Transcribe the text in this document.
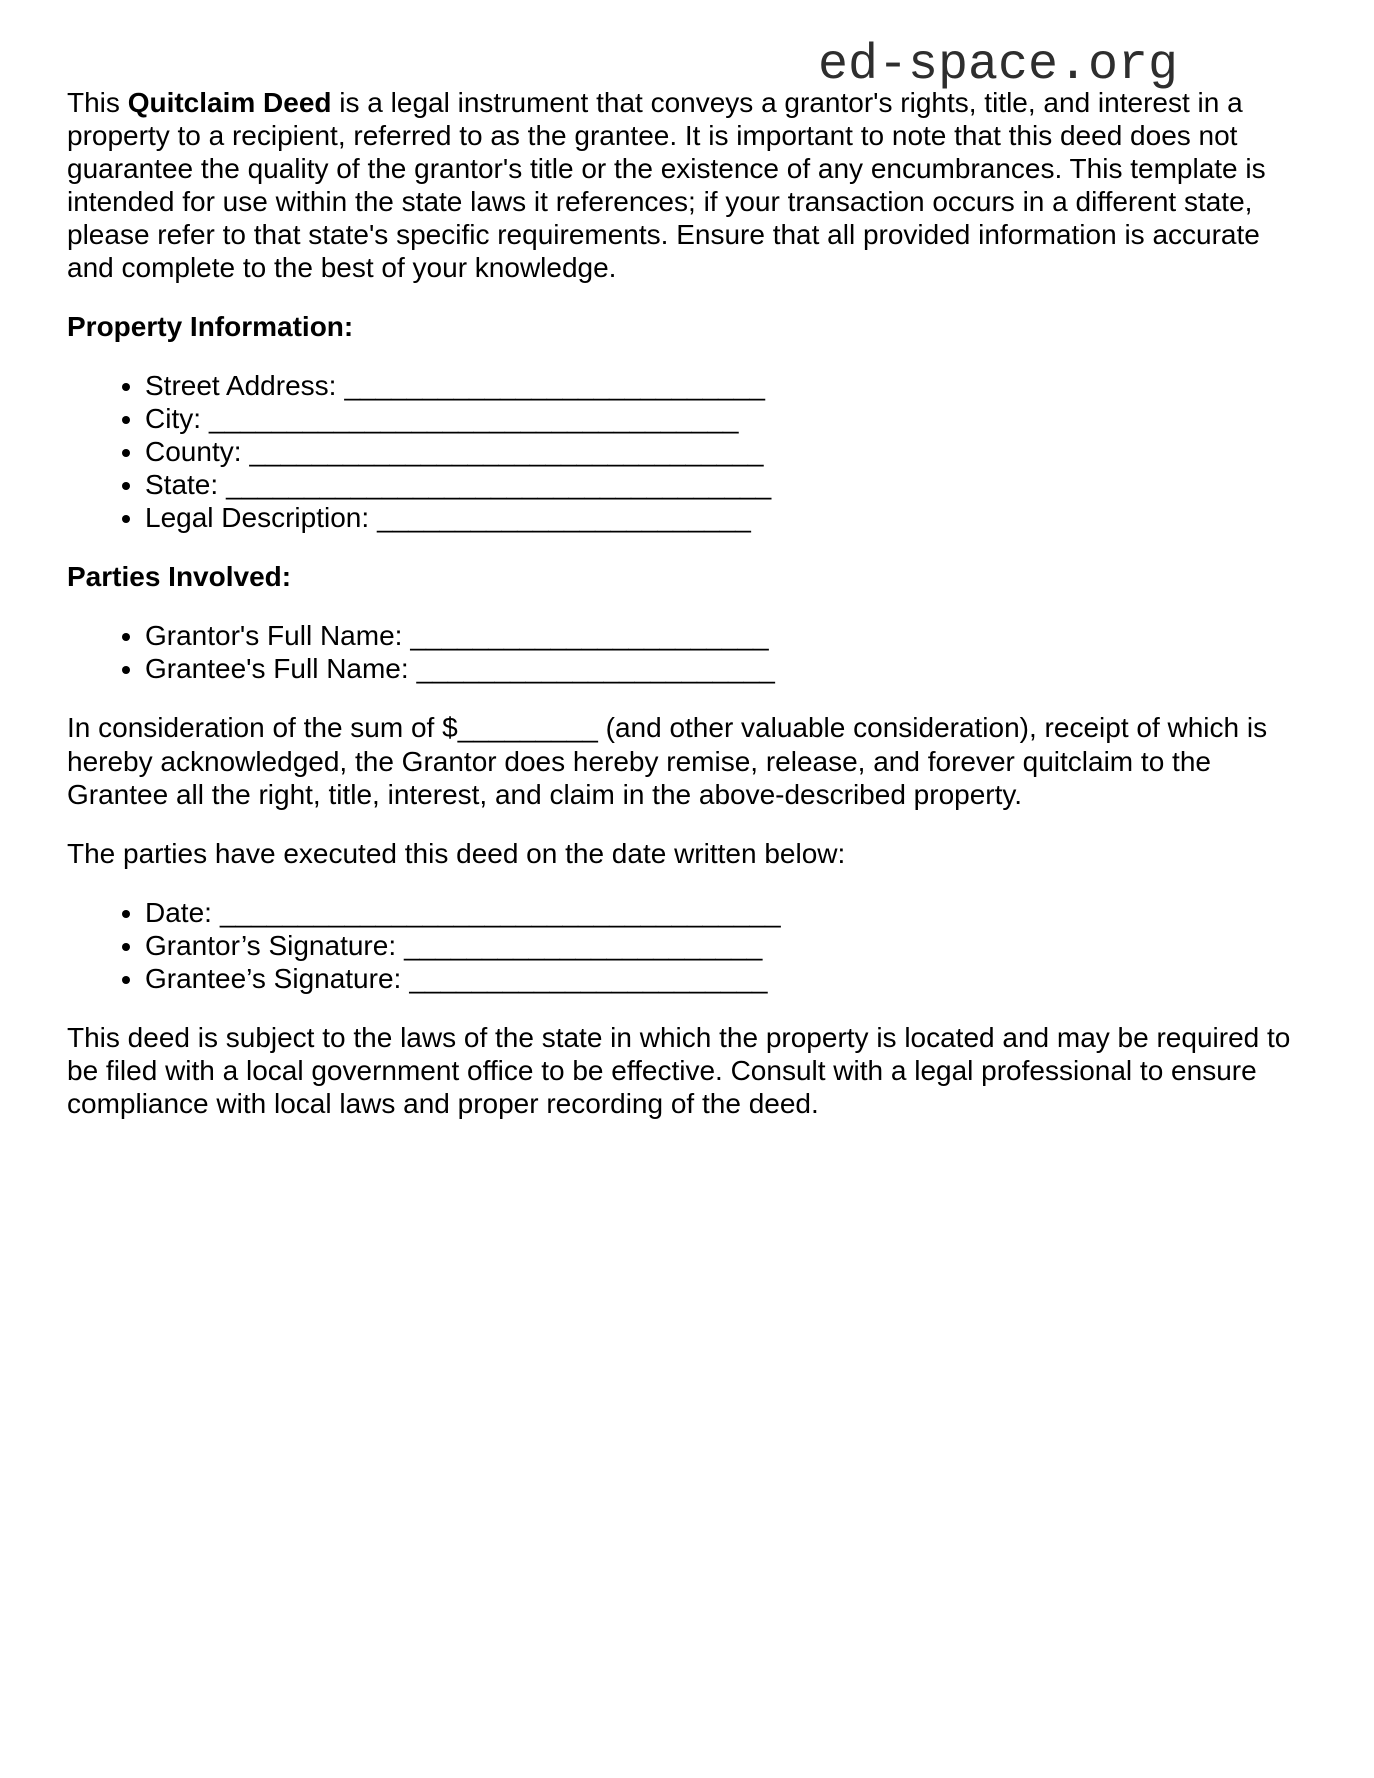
ed-space.org

This Quitclaim Deed is a legal instrument that conveys a grantor's rights, title, and interest in a property to a recipient, referred to as the grantee. It is important to note that this deed does not guarantee the quality of the grantor's title or the existence of any encumbrances. This template is intended for use within the state laws it references; if your transaction occurs in a different state, please refer to that state's specific requirements. Ensure that all provided information is accurate and complete to the best of your knowledge.

Property Information:
• Street Address: ___________________________
• City: __________________________________
• County: _________________________________
• State: ___________________________________
• Legal Description: ________________________
Parties Involved:
• Grantor's Full Name: _______________________
• Grantee's Full Name: _______________________

In consideration of the sum of $_________ (and other valuable consideration), receipt of which is hereby acknowledged, the Grantor does hereby remise, release, and forever quitclaim to the Grantee all the right, title, interest, and claim in the above-described property.

The parties have executed this deed on the date written below:

• Date: ____________________________________
• Grantor’s Signature: _______________________
• Grantee’s Signature: _______________________

This deed is subject to the laws of the state in which the property is located and may be required to be filed with a local government office to be effective. Consult with a legal professional to ensure compliance with local laws and proper recording of the deed.
